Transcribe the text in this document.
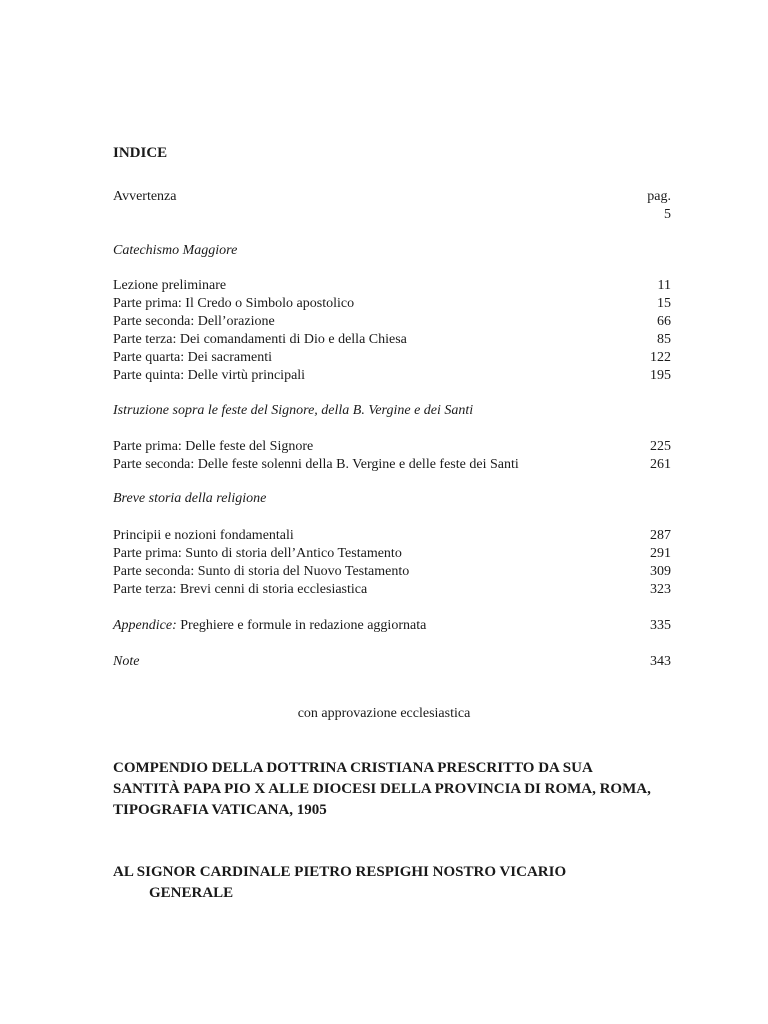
INDICE
Avvertenza	pag.
5
Catechismo Maggiore
Lezione preliminare	11
Parte prima: Il Credo o Simbolo apostolico	15
Parte seconda: Dell’orazione	66
Parte terza: Dei comandamenti di Dio e della Chiesa	85
Parte quarta: Dei sacramenti	122
Parte quinta: Delle virtù principali	195
Istruzione sopra le feste del Signore, della B. Vergine e dei Santi
Parte prima: Delle feste del Signore	225
Parte seconda: Delle feste solenni della B. Vergine e delle feste dei Santi	261
Breve storia della religione
Principii e nozioni fondamentali	287
Parte prima: Sunto di storia dell’Antico Testamento	291
Parte seconda: Sunto di storia del Nuovo Testamento	309
Parte terza: Brevi cenni di storia ecclesiastica	323
Appendice: Preghiere e formule in redazione aggiornata	335
Note	343
con approvazione ecclesiastica
COMPENDIO DELLA DOTTRINA CRISTIANA PRESCRITTO DA SUA
SANTITÀ PAPA PIO X ALLE DIOCESI DELLA PROVINCIA DI ROMA, ROMA,
TIPOGRAFIA VATICANA, 1905
AL SIGNOR CARDINALE PIETRO RESPIGHI NOSTRO VICARIO
GENERALE
